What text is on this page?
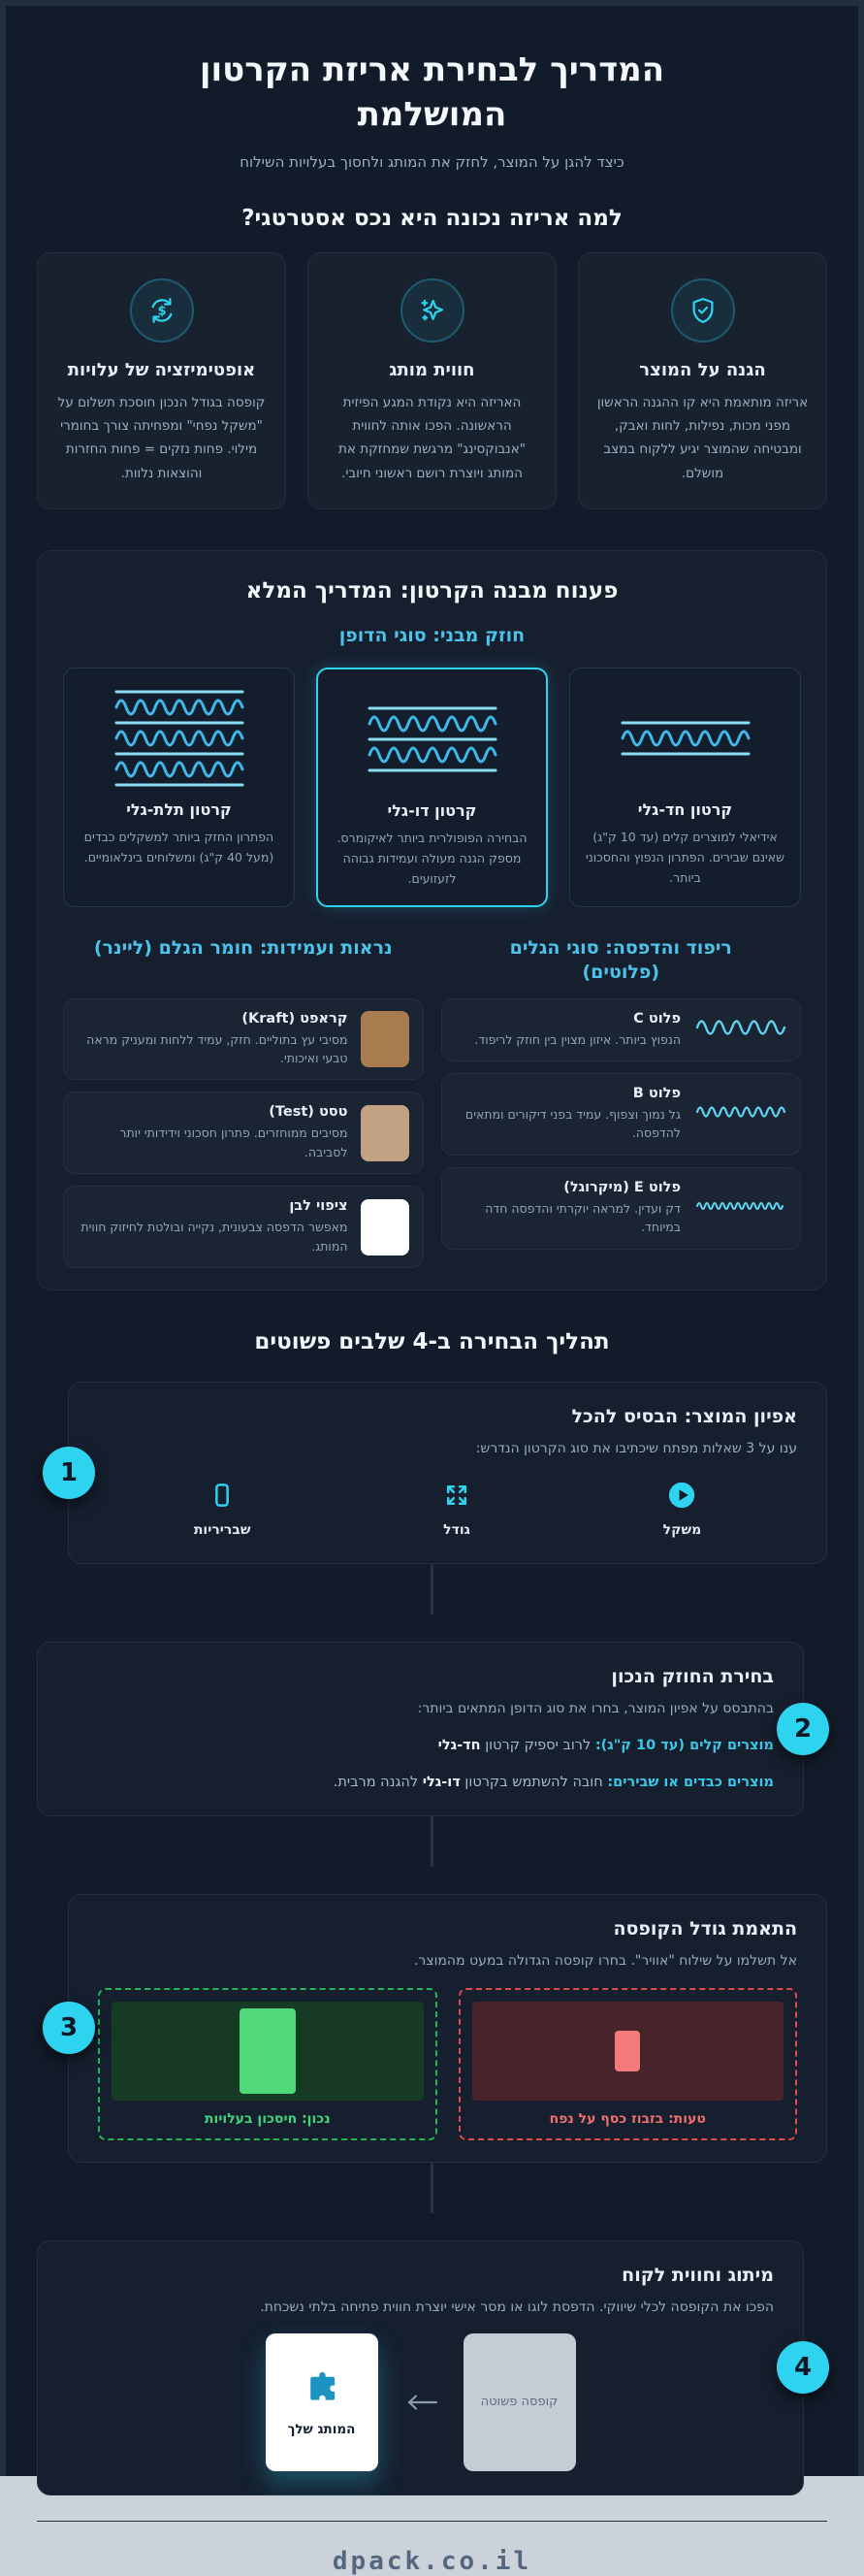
המדריך לבחירת אריזת הקרטון המושלמת

כיצד להגן על המוצר, לחזק את המותג ולחסוך בעלויות השילוח

למה אריזה נכונה היא נכס אסטרטגי?
הגנה על המוצר

אריזה מותאמת היא קו ההגנה הראשון מפני מכות, נפילות, לחות ואבק, ומבטיחה שהמוצר יגיע ללקוח במצב מושלם.

חווית מותג

האריזה היא נקודת המגע הפיזית הראשונה. הפכו אותה לחווית "אנבוקסינג" מרגשת שמחזקת את המותג ויוצרת רושם ראשוני חיובי.

$
אופטימיזציה של עלויות

קופסה בגודל הנכון חוסכת תשלום על "משקל נפחי" ומפחיתה צורך בחומרי מילוי. פחות נזקים = פחות החזרות והוצאות נלוות.

פענוח מבנה הקרטון: המדריך המלא
חוזק מבני: סוגי הדופן
קרטון חד-גלי

אידיאלי למוצרים קלים (עד 10 ק"ג) שאינם שבירים. הפתרון הנפוץ והחסכוני ביותר.

קרטון דו-גלי

הבחירה הפופולרית ביותר לאיקומרס. מספק הגנה מעולה ועמידות גבוהה לזעזועים.

קרטון תלת-גלי

הפתרון החזק ביותר למשקלים כבדים (מעל 40 ק"ג) ומשלוחים בינלאומיים.

ריפוד והדפסה: סוגי הגלים (פלוטים)
פלוט C

הנפוץ ביותר. איזון מצוין בין חוזק לריפוד.

פלוט B

גל נמוך וצפוף. עמיד בפני דיקורים ומתאים להדפסה.

פלוט E (מיקרוגל)

דק ועדין. למראה יוקרתי והדפסה חדה במיוחד.

נראות ועמידות: חומר הגלם (ליינר)
קראפט (Kraft)

מסיבי עץ בתוליים. חזק, עמיד ללחות ומעניק מראה טבעי ואיכותי.

טסט (Test)

מסיבים ממוחזרים. פתרון חסכוני וידידותי יותר לסביבה.

ציפוי לבן

מאפשר הדפסה צבעונית, נקייה ובולטת לחיזוק חווית המותג.

תהליך הבחירה ב-4 שלבים פשוטים
1
אפיון המוצר: הבסיס להכל

ענו על 3 שאלות מפתח שיכתיבו את סוג הקרטון הנדרש:

משקל
גודל
שבריריות
2
בחירת החוזק הנכון

בהתבסס על אפיון המוצר, בחרו את סוג הדופן המתאים ביותר:

מוצרים קלים (עד 10 ק"ג): לרוב יספיק קרטון חד-גלי
מוצרים כבדים או שבירים: חובה להשתמש בקרטון דו-גלי להגנה מרבית.
3
התאמת גודל הקופסה

אל תשלמו על שילוח "אוויר". בחרו קופסה הגדולה במעט מהמוצר.

טעות: בזבוז כסף על נפח
נכון: חיסכון בעלויות
4
מיתוג וחווית לקוח

הפכו את הקופסה לכלי שיווקי. הדפסת לוגו או מסר אישי יוצרת חווית פתיחה בלתי נשכחת.

קופסה פשוטה
המותג שלך
dpack.co.il
